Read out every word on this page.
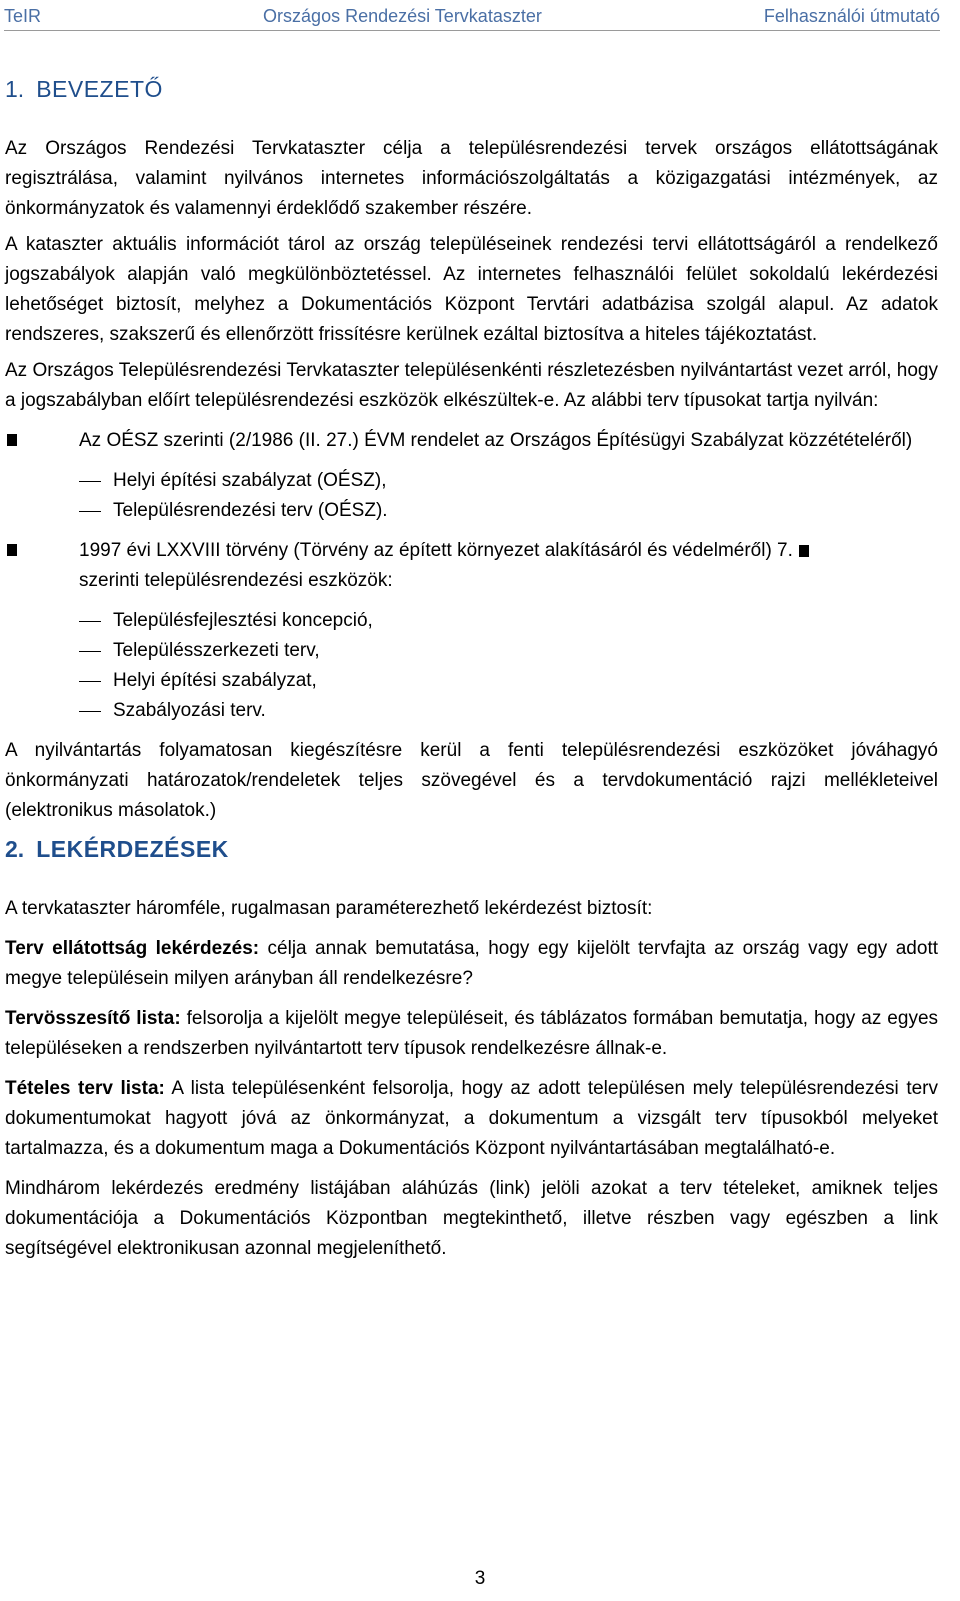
TeIR	Országos Rendezési Tervkataszter	Felhasználói útmutató
1. BEVEZETŐ

Az Országos Rendezési Tervkataszter célja a településrendezési tervek országos ellátottságának regisztrálása, valamint nyilvános internetes információszolgáltatás a közigazgatási intézmények, az önkormányzatok és valamennyi érdeklődő szakember részére.

A kataszter aktuális információt tárol az ország településeinek rendezési tervi ellátottságáról a rendelkező jogszabályok alapján való megkülönböztetéssel. Az internetes felhasználói felület sokoldalú lekérdezési lehetőséget biztosít, melyhez a Dokumentációs Központ Tervtári adatbázisa szolgál alapul. Az adatok rendszeres, szakszerű és ellenőrzött frissítésre kerülnek ezáltal biztosítva a hiteles tájékoztatást.

Az Országos Településrendezési Tervkataszter településenkénti részletezésben nyilvántartást vezet arról, hogy a jogszabályban előírt településrendezési eszközök elkészültek-e. Az alábbi terv típusokat tartja nyilván:

Az OÉSZ szerinti (2/1986 (II. 27.) ÉVM rendelet az Országos Építésügyi Szabályzat közzétételéről)

Helyi építési szabályzat (OÉSZ),
Településrendezési terv (OÉSZ).

1997 évi LXXVIII törvény (Törvény az épített környezet alakításáról és védelméről) 7.
szerinti településrendezési eszközök:

Településfejlesztési koncepció,
Településszerkezeti terv,
Helyi építési szabályzat,
Szabályozási terv.

A nyilvántartás folyamatosan kiegészítésre kerül a fenti településrendezési eszközöket jóváhagyó önkormányzati határozatok/rendeletek teljes szövegével és a tervdokumentáció rajzi mellékleteivel (elektronikus másolatok.)

2. LEKÉRDEZÉSEK

A tervkataszter háromféle, rugalmasan paraméterezhető lekérdezést biztosít:

Terv ellátottság lekérdezés: célja annak bemutatása, hogy egy kijelölt tervfajta az ország vagy egy adott megye településein milyen arányban áll rendelkezésre?

Tervösszesítő lista: felsorolja a kijelölt megye településeit, és táblázatos formában bemutatja, hogy az egyes településeken a rendszerben nyilvántartott terv típusok rendelkezésre állnak-e.

Tételes terv lista: A lista településenként felsorolja, hogy az adott településen mely településrendezési terv dokumentumokat hagyott jóvá az önkormányzat, a dokumentum a vizsgált terv típusokból melyeket tartalmazza, és a dokumentum maga a Dokumentációs Központ nyilvántartásában megtalálható-e.

Mindhárom lekérdezés eredmény listájában aláhúzás (link) jelöli azokat a terv tételeket, amiknek teljes dokumentációja a Dokumentációs Központban megtekinthető, illetve részben vagy egészben a link segítségével elektronikusan azonnal megjeleníthető.

3
